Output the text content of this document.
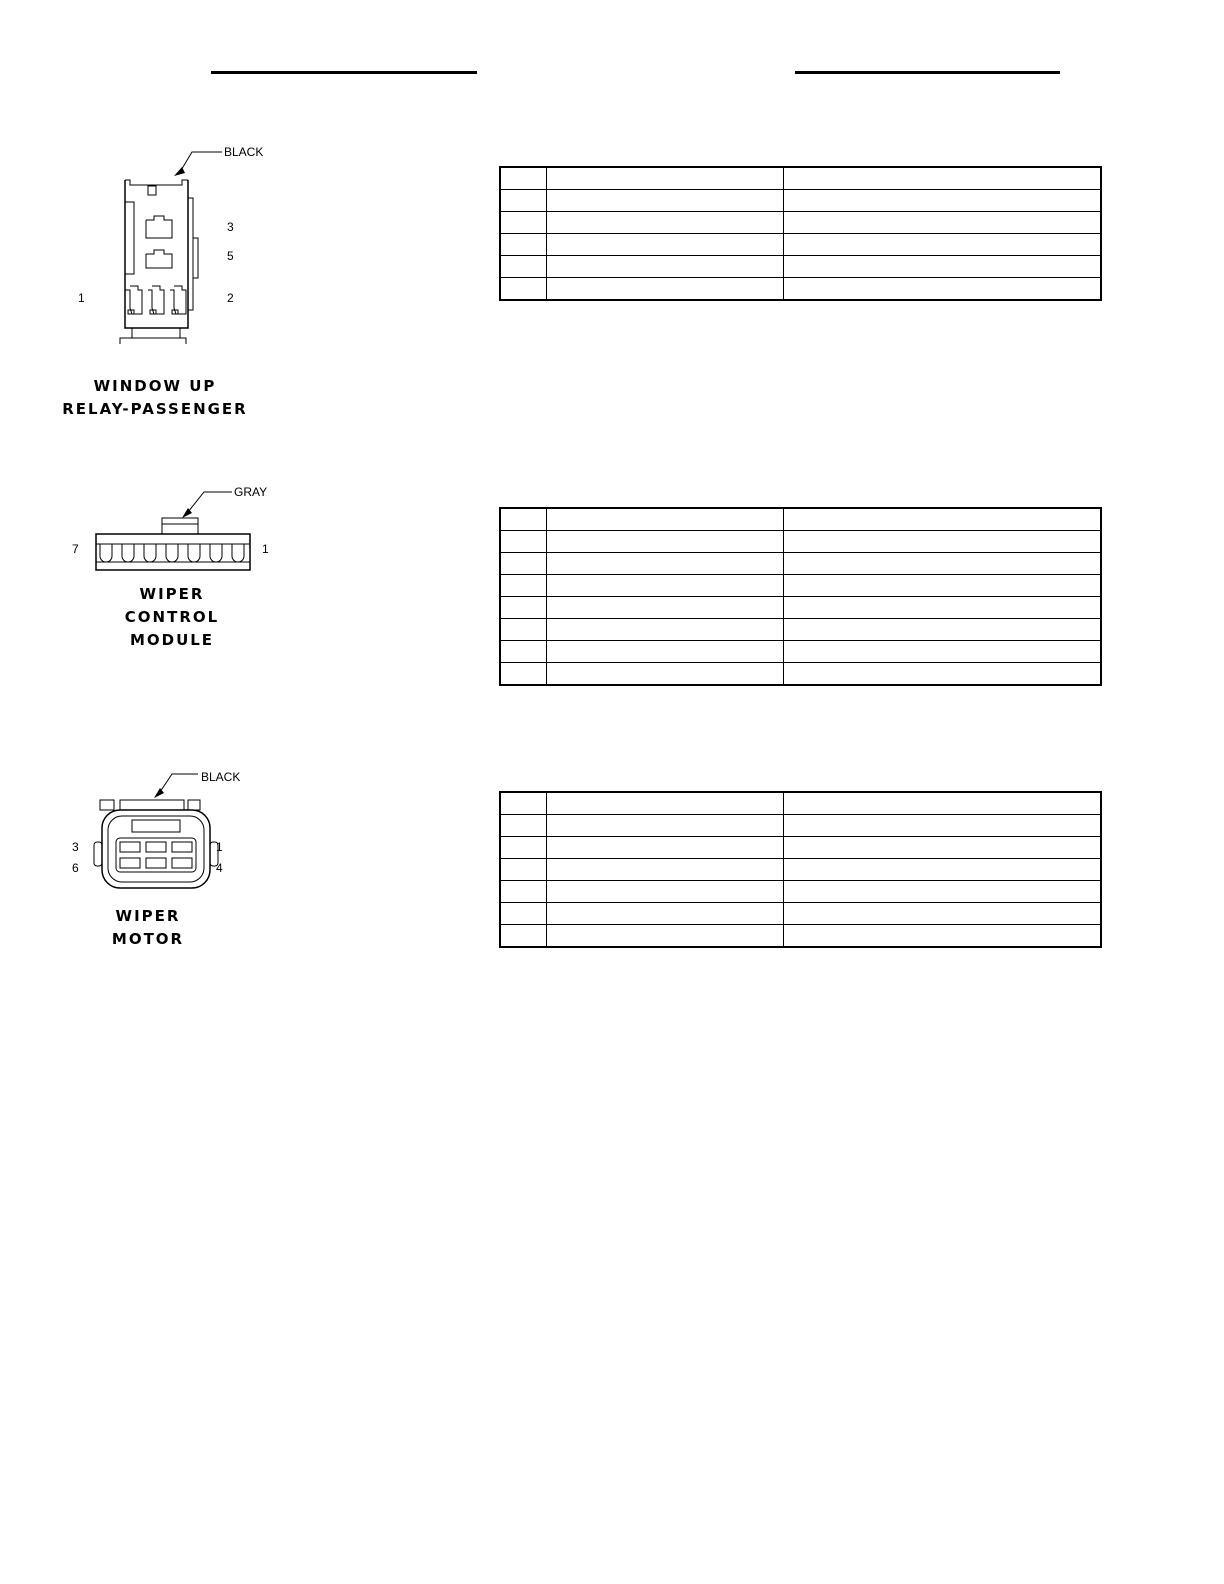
BLACK
3
5
1	2
WINDOW UP
RELAY-PASSENGER

GRAY
7	1
WIPER
CONTROL
MODULE

BLACK
3
6
1
4
WIPER
MOTOR
